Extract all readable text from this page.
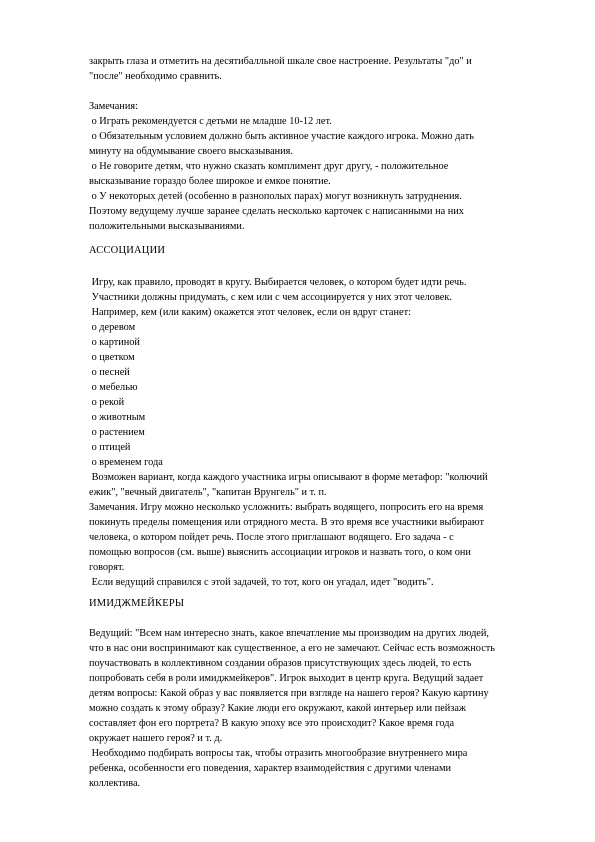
закрыть глаза и отметить на десятибалльной шкале свое настроение. Результаты "до" и
"после" необходимо сравнить.
Замечания:
о Играть рекомендуется с детьми не младше 10-12 лет.
о Обязательным условием должно быть активное участие каждого игрока. Можно дать
минуту на обдумывание своего высказывания.
о Не говорите детям, что нужно сказать комплимент друг другу, - положительное
высказывание гораздо более широкое и емкое понятие.
о У некоторых детей (особенно в разнополых парах) могут возникнуть затруднения.
Поэтому ведущему лучше заранее сделать несколько карточек с написанными на них
положительными высказываниями.
АССОЦИАЦИИ
Игру, как правило, проводят в кругу. Выбирается человек, о котором будет идти речь.
Участники должны придумать, с кем или с чем ассоциируется у них этот человек.
Например, кем (или каким) окажется этот человек, если он вдруг станет:
о деревом
о картиной
о цветком
о песней
о мебелью
о рекой
о животным
о растением
о птицей
о временем года
Возможен вариант, когда каждого участника игры описывают в форме метафор: "колючий
ежик", "вечный двигатель", "капитан Врунгель" и т. п.
Замечания. Игру можно несколько усложнить: выбрать водящего, попросить его на время
покинуть пределы помещения или отрядного места. В это время все участники выбирают
человека, о котором пойдет речь. После этого приглашают водящего. Его задача - с
помощью вопросов (см. выше) выяснить ассоциации игроков и назвать того, о ком они
говорят.
Если ведущий справился с этой задачей, то тот, кого он угадал, идет "водить".
ИМИДЖМЕЙКЕРЫ
Ведущий: "Всем нам интересно знать, какое впечатление мы производим на других людей,
что в нас они воспринимают как существенное, а его не замечают. Сейчас есть возможность
поучаствовать в коллективном создании образов присутствующих здесь людей, то есть
попробовать себя в роли имиджмейкеров". Игрок выходит в центр круга. Ведущий задает
детям вопросы: Какой образ у вас появляется при взгляде на нашего героя? Какую картину
можно создать к этому образу? Какие люди его окружают, какой интерьер или пейзаж
составляет фон его портрета? В какую эпоху все это происходит? Какое время года
окружает нашего героя? и т. д.
Необходимо подбирать вопросы так, чтобы отразить многообразие внутреннего мира
ребенка, особенности его поведения, характер взаимодействия с другими членами
коллектива.
